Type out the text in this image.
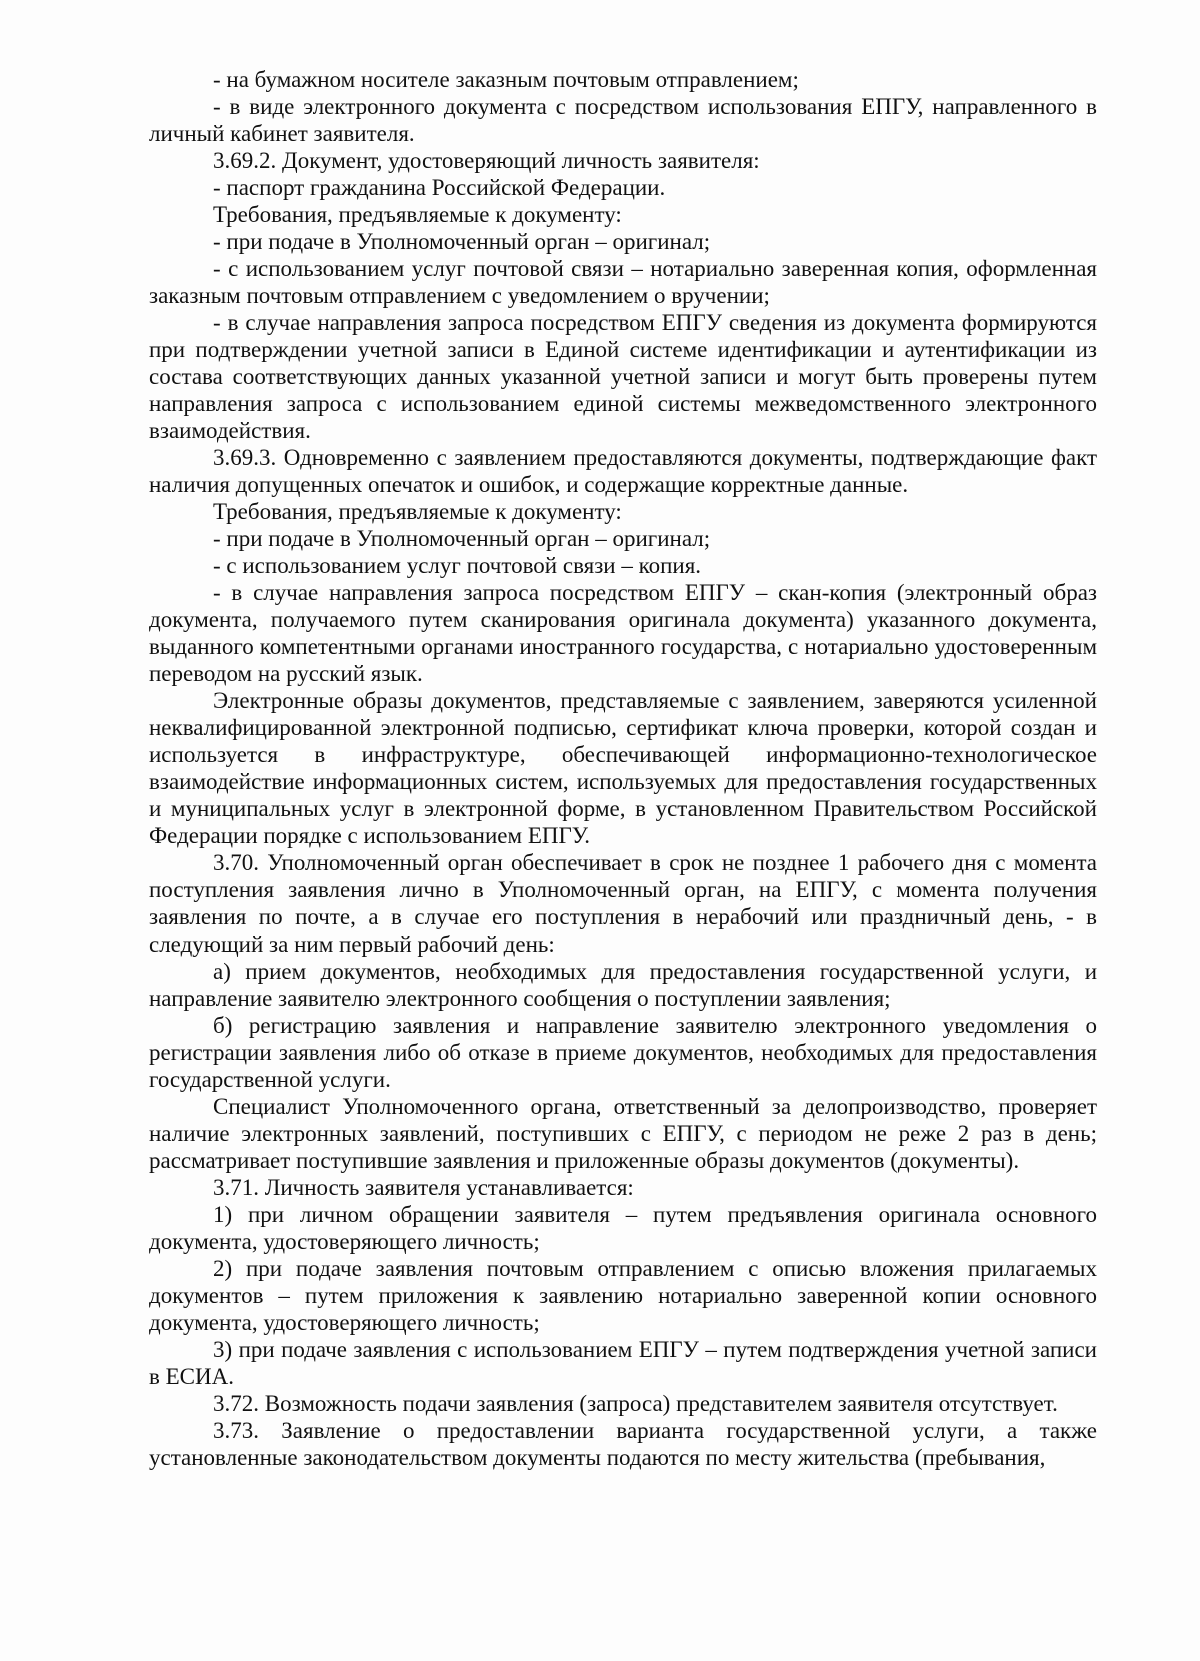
- на бумажном носителе заказным почтовым отправлением;

- в виде электронного документа с посредством использования ЕПГУ, направленного в личный кабинет заявителя.

3.69.2. Документ, удостоверяющий личность заявителя:

- паспорт гражданина Российской Федерации.

Требования, предъявляемые к документу:

- при подаче в Уполномоченный орган – оригинал;

- с использованием услуг почтовой связи – нотариально заверенная копия, оформленная заказным почтовым отправлением с уведомлением о вручении;

- в случае направления запроса посредством ЕПГУ сведения из документа формируются при подтверждении учетной записи в Единой системе идентификации и аутентификации из состава соответствующих данных указанной учетной записи и могут быть проверены путем направления запроса с использованием единой системы межведомственного электронного взаимодействия.

3.69.3. Одновременно с заявлением предоставляются документы, подтверждающие факт наличия допущенных опечаток и ошибок, и содержащие корректные данные.

Требования, предъявляемые к документу:

- при подаче в Уполномоченный орган – оригинал;

- с использованием услуг почтовой связи – копия.

- в случае направления запроса посредством ЕПГУ – скан-копия (электронный образ документа, получаемого путем сканирования оригинала документа) указанного документа, выданного компетентными органами иностранного государства, с нотариально удостоверенным переводом на русский язык.

Электронные образы документов, представляемые с заявлением, заверяются усиленной неквалифицированной электронной подписью, сертификат ключа проверки, которой создан и используется в инфраструктуре, обеспечивающей информационно-технологическое взаимодействие информационных систем, используемых для предоставления государственных и муниципальных услуг в электронной форме, в установленном Правительством Российской Федерации порядке с использованием ЕПГУ.

3.70. Уполномоченный орган обеспечивает в срок не позднее 1 рабочего дня с момента поступления заявления лично в Уполномоченный орган, на ЕПГУ, с момента получения заявления по почте, а в случае его поступления в нерабочий или праздничный день, - в следующий за ним первый рабочий день:

а) прием документов, необходимых для предоставления государственной услуги, и направление заявителю электронного сообщения о поступлении заявления;

б) регистрацию заявления и направление заявителю электронного уведомления о регистрации заявления либо об отказе в приеме документов, необходимых для предоставления государственной услуги.

Специалист Уполномоченного органа, ответственный за делопроизводство, проверяет наличие электронных заявлений, поступивших с ЕПГУ, с периодом не реже 2 раз в день; рассматривает поступившие заявления и приложенные образы документов (документы).

3.71. Личность заявителя устанавливается:

1) при личном обращении заявителя – путем предъявления оригинала основного документа, удостоверяющего личность;

2) при подаче заявления почтовым отправлением с описью вложения прилагаемых документов – путем приложения к заявлению нотариально заверенной копии основного документа, удостоверяющего личность;

3) при подаче заявления с использованием ЕПГУ – путем подтверждения учетной записи в ЕСИА.

3.72. Возможность подачи заявления (запроса) представителем заявителя отсутствует.

3.73. Заявление о предоставлении варианта государственной услуги, а также установленные законодательством документы подаются по месту жительства (пребывания,
